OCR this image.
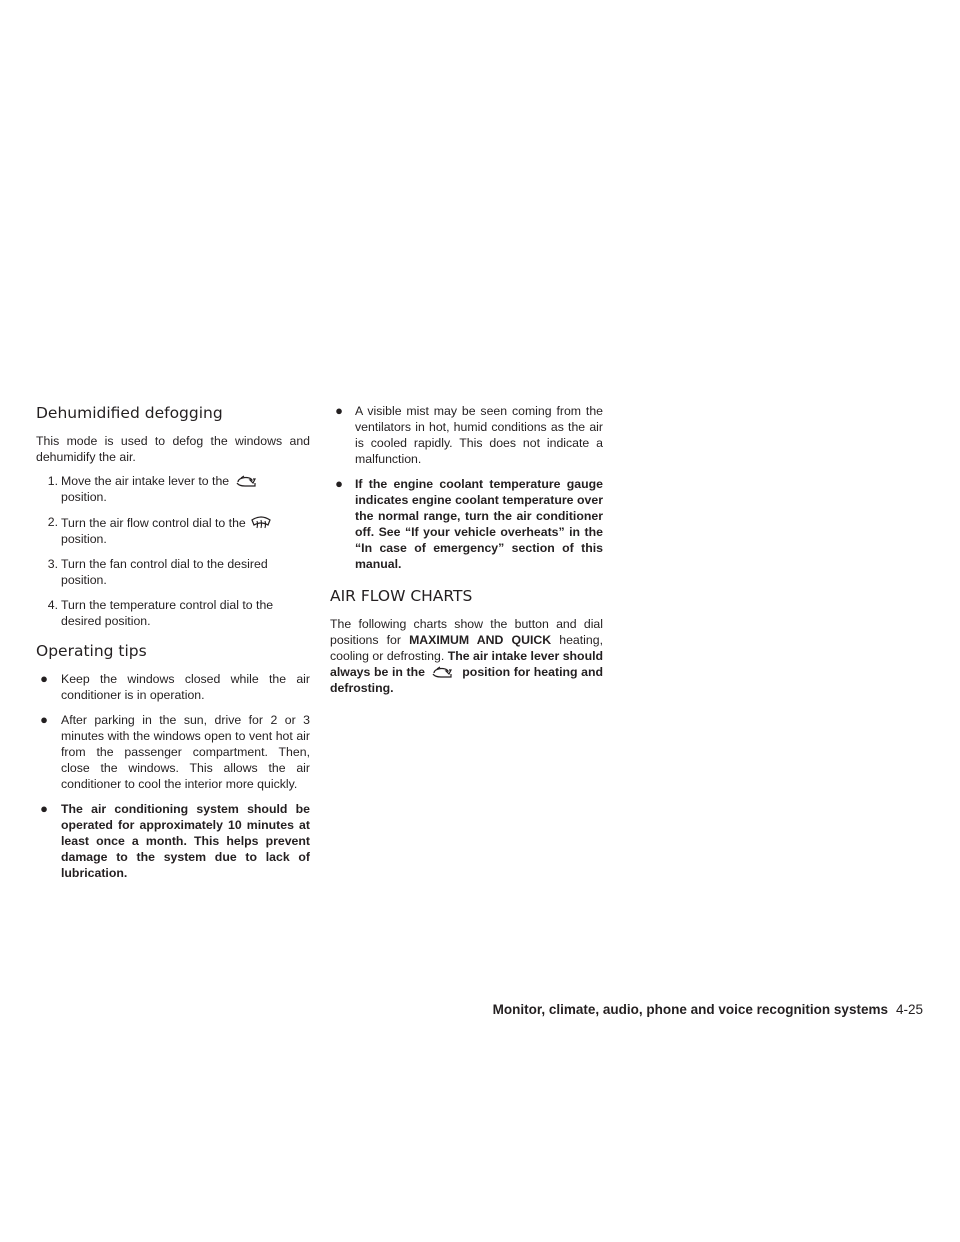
Dehumidified defogging

This mode is used to defog the windows and dehumidify the air.

1. Move the air intake lever to the  position.
2. Turn the air flow control dial to the  position.
3. Turn the fan control dial to the desired position.
4. Turn the temperature control dial to the desired position.
Operating tips
●	Keep the windows closed while the air conditioner is in operation.
●	After parking in the sun, drive for 2 or 3 minutes with the windows open to vent hot air from the passenger compartment. Then, close the windows. This allows the air conditioner to cool the interior more quickly.
●	The air conditioning system should be operated for approximately 10 minutes at least once a month. This helps prevent damage to the system due to lack of lubrication.
● A visible mist may be seen coming from the ventilators in hot, humid conditions as the air is cooled rapidly. This does not indicate a malfunction.
● If the engine coolant temperature gauge indicates engine coolant temperature over the normal range, turn the air conditioner off. See “If your vehicle overheats” in the “In case of emergency” section of this manual.
AIR FLOW CHARTS

The following charts show the button and dial positions for MAXIMUM AND QUICK heating, cooling or defrosting. The air intake lever should always be in the	position for heating and defrosting.

Monitor, climate, audio, phone and voice recognition systems 4-25
